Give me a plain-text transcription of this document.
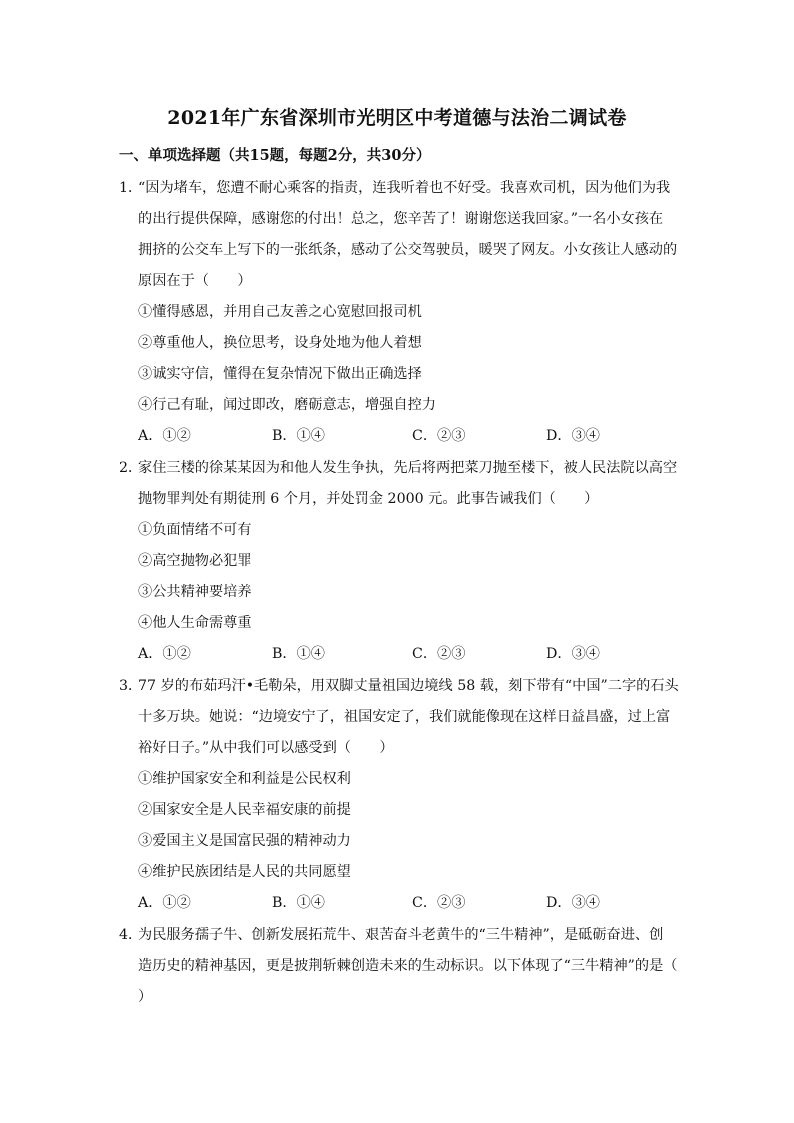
2021年广东省深圳市光明区中考道德与法治二调试卷
一、单项选择题（共15题，每题2分，共30分）
1．
“因为堵车，您遭不耐心乘客的指责，连我听着也不好受。我喜欢司机，因为他们为我
的出行提供保障，感谢您的付出！总之，您辛苦了！谢谢您送我回家。”一名小女孩在
拥挤的公交车上写下的一张纸条，感动了公交驾驶员，暖哭了网友。小女孩让人感动的
原因在于（　　）
①懂得感恩，并用自己友善之心宽慰回报司机
②尊重他人，换位思考，设身处地为他人着想
③诚实守信，懂得在复杂情况下做出正确选择
④行己有耻，闻过即改，磨砺意志，增强自控力
A．①②	B．①④	C．②③	D．③④
2．
家住三楼的徐某某因为和他人发生争执，先后将两把菜刀抛至楼下，被人民法院以高空
抛物罪判处有期徒刑 6 个月，并处罚金 2000 元。此事告诫我们（　　）
①负面情绪不可有
②高空抛物必犯罪
③公共精神要培养
④他人生命需尊重
A．①②	B．①④	C．②③	D．③④
3．
77 岁的布茹玛汗•毛勒朵，用双脚丈量祖国边境线 58 载，刻下带有“中国”二字的石头
十多万块。她说：“边境安宁了，祖国安定了，我们就能像现在这样日益昌盛，过上富
裕好日子。”从中我们可以感受到（　　）
①维护国家安全和利益是公民权利
②国家安全是人民幸福安康的前提
③爱国主义是国富民强的精神动力
④维护民族团结是人民的共同愿望
A．①②	B．①④	C．②③	D．③④
4．
为民服务孺子牛、创新发展拓荒牛、艰苦奋斗老黄牛的“三牛精神”，是砥砺奋进、创
造历史的精神基因，更是披荆斩棘创造未来的生动标识。以下体现了“三牛精神”的是（
）
